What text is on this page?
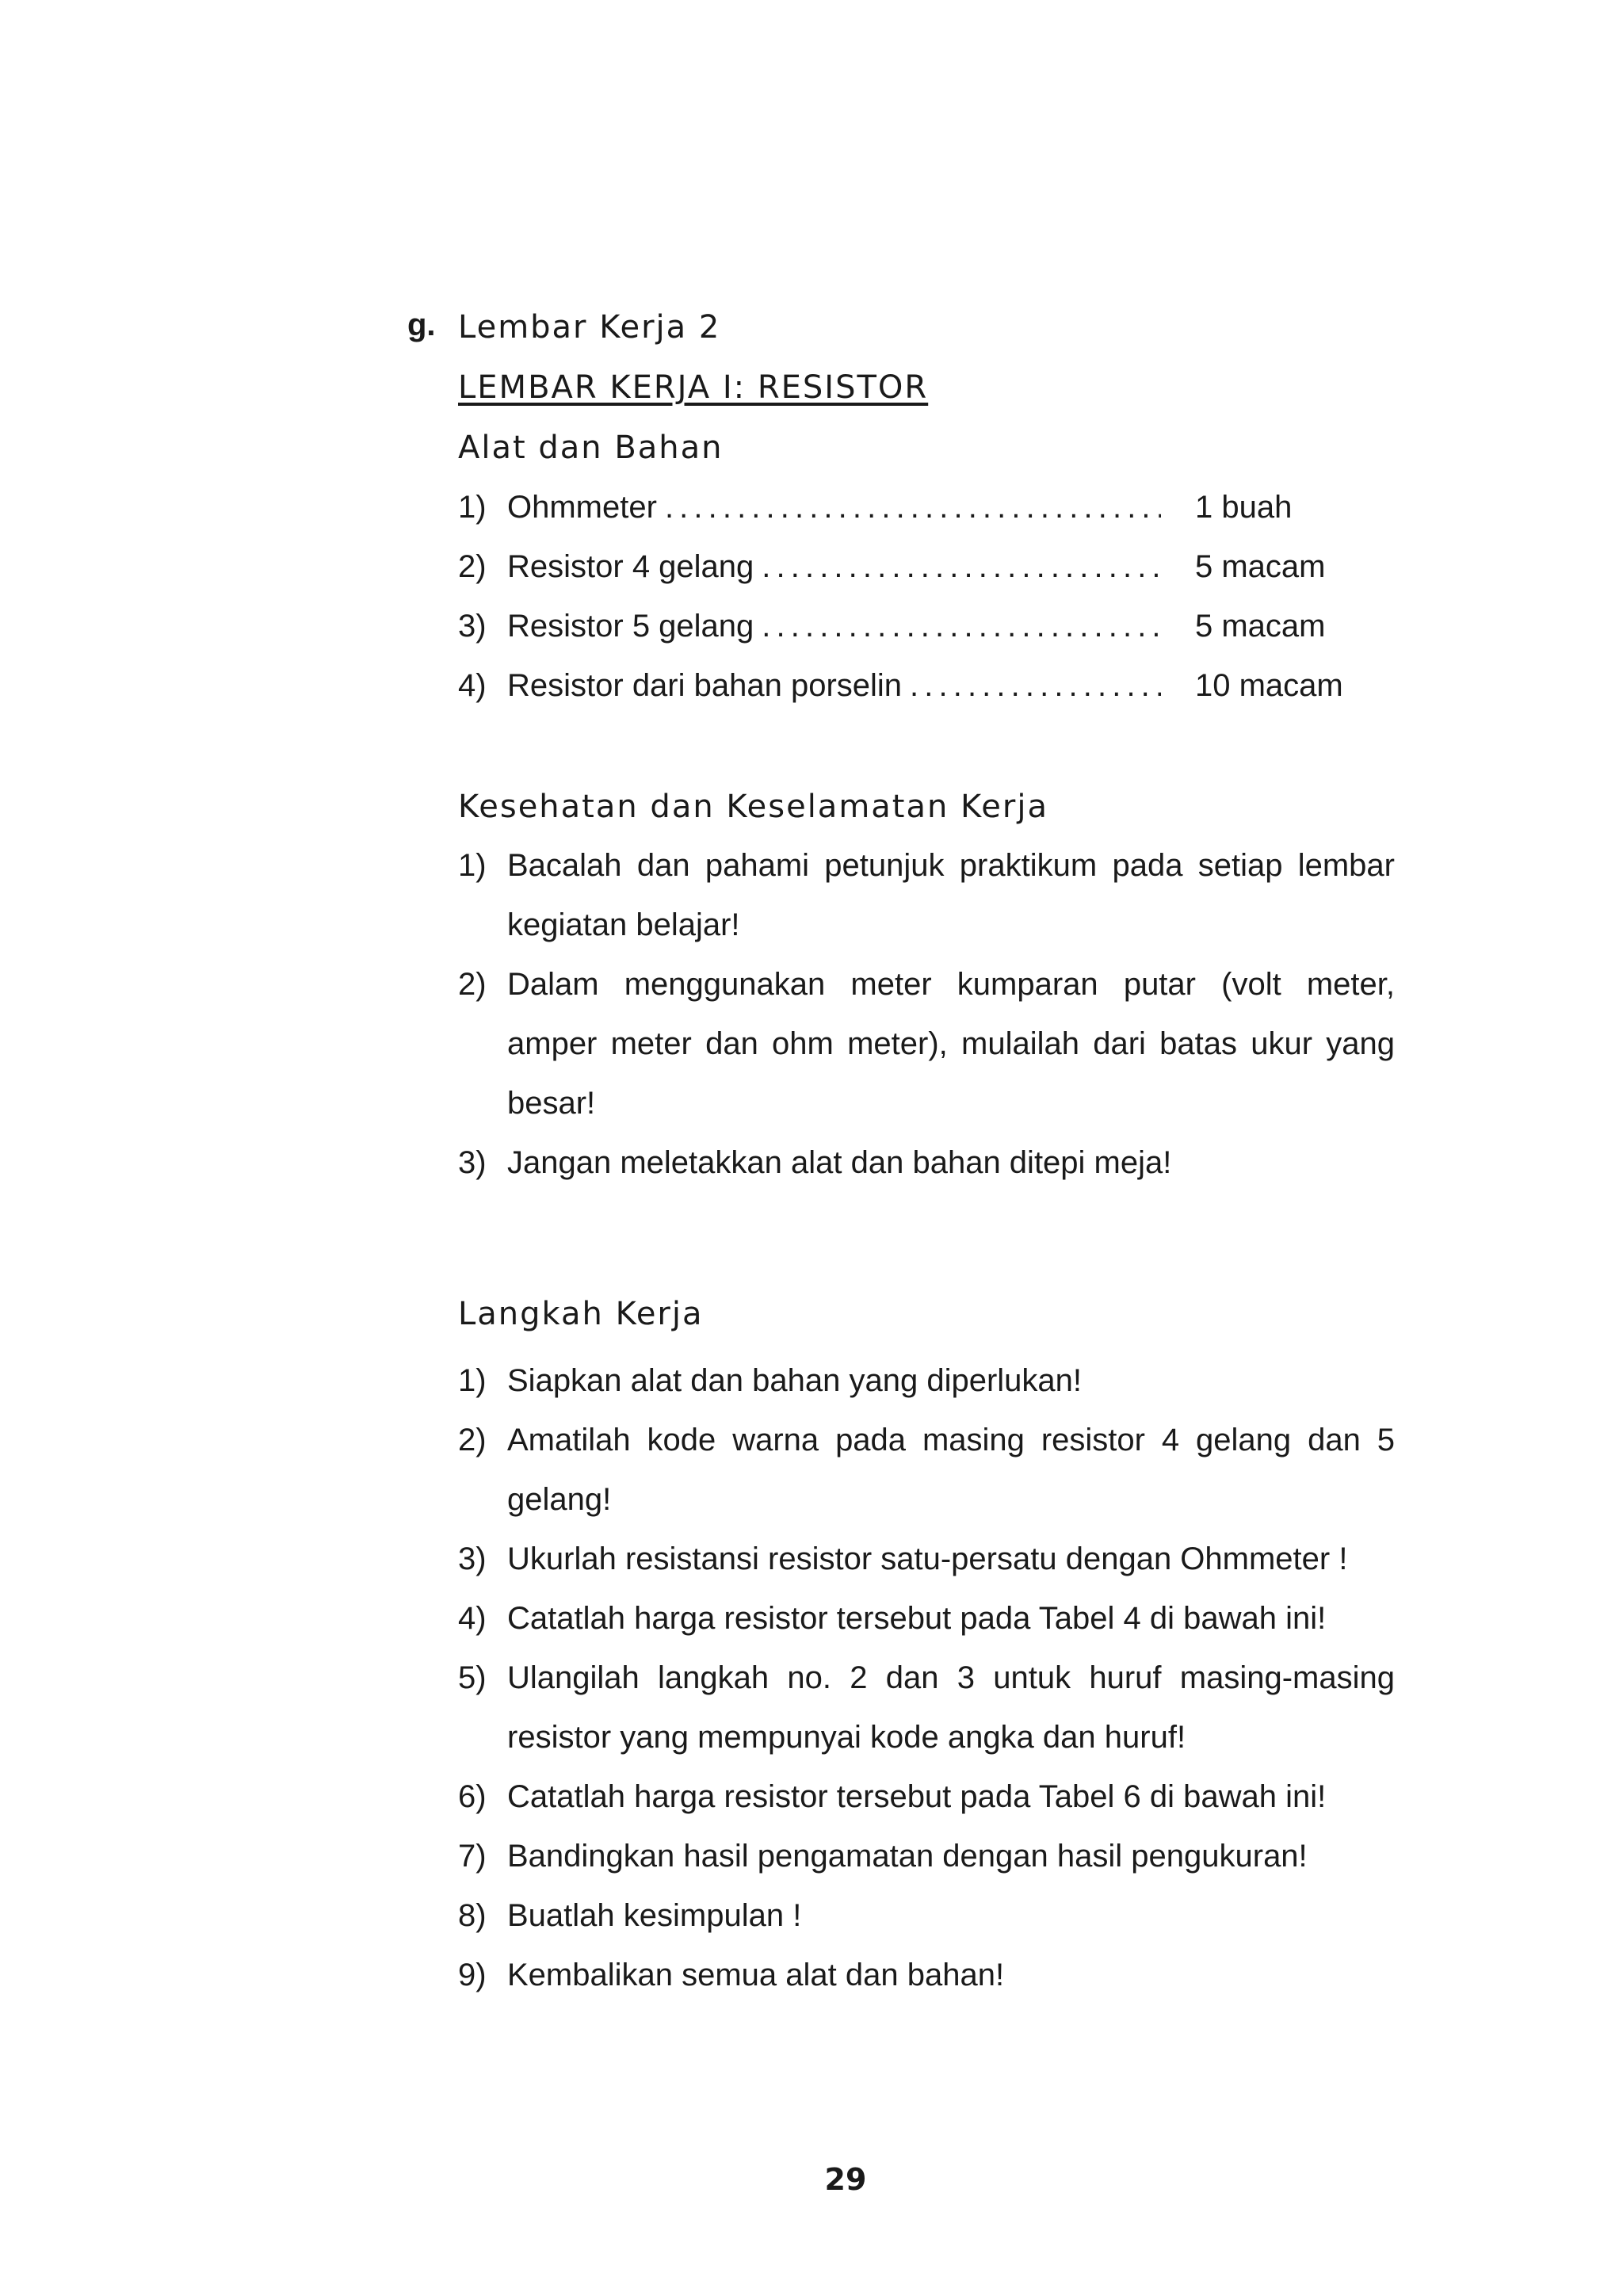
g. Lembar Kerja 2
LEMBAR KERJA I: RESISTOR
Alat dan Bahan
1) Ohmmeter . . .	1 buah
2) Resistor 4 gelang . . .	5 macam
3) Resistor 5 gelang . . .	5 macam
4) Resistor dari bahan porselin . . .	10 macam
Kesehatan dan Keselamatan Kerja
1) Bacalah dan pahami petunjuk praktikum pada setiap lembar
kegiatan belajar!
2) Dalam menggunakan meter kumparan putar (volt meter,
amper meter dan ohm meter), mulailah dari batas ukur yang
besar!
3) Jangan meletakkan alat dan bahan ditepi meja!
Langkah Kerja
1) Siapkan alat dan bahan yang diperlukan!
2) Amatilah kode warna pada masing resistor 4 gelang dan 5
gelang!
3) Ukurlah resistansi resistor satu-persatu dengan Ohmmeter !
4) Catatlah harga resistor tersebut pada Tabel 4 di bawah ini!
5) Ulangilah langkah no. 2 dan 3 untuk huruf masing-masing
resistor yang mempunyai kode angka dan huruf!
6) Catatlah harga resistor tersebut pada Tabel 6 di bawah ini!
7) Bandingkan hasil pengamatan dengan hasil pengukuran!
8) Buatlah kesimpulan !
9) Kembalikan semua alat dan bahan!
29
